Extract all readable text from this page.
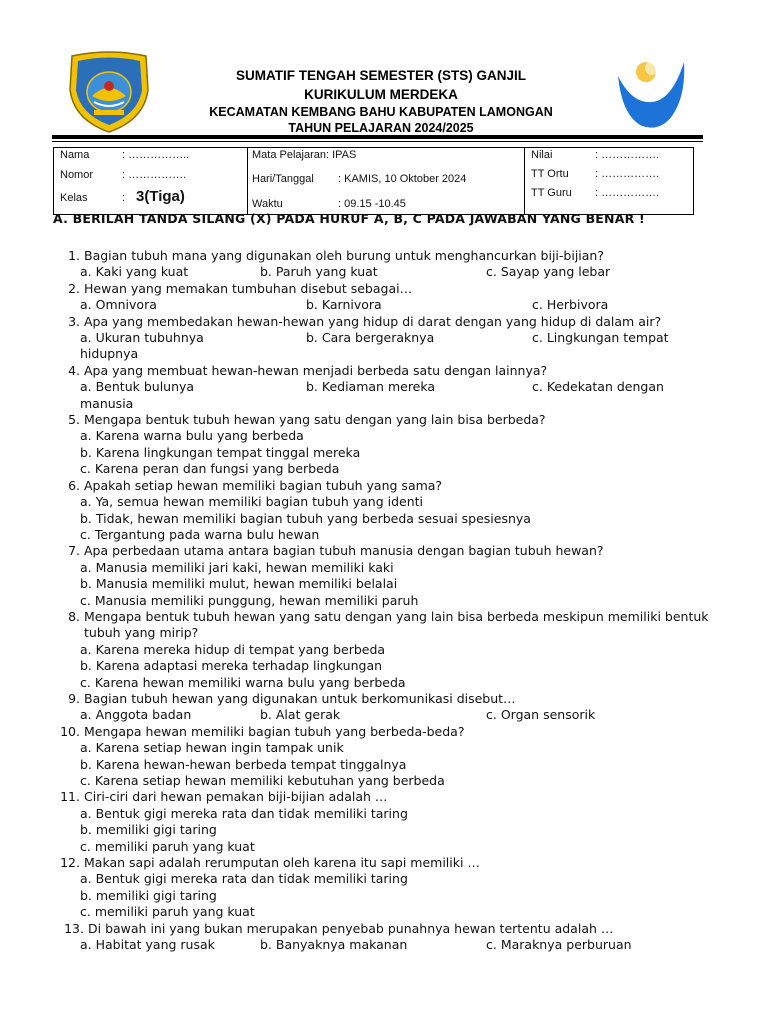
SUMATIF TENGAH SEMESTER (STS) GANJIL
KURIKULUM MERDEKA
KECAMATAN KEMBANG BAHU KABUPATEN LAMONGAN
TAHUN PELAJARAN 2024/2025
Nama	: ……………..
Nomor	: …………….
Kelas	: 3(Tiga)

Mata Pelajaran: IPAS
Hari/Tanggal : KAMIS, 10 Oktober 2024
Waktu	: 09.15 -10.45

Nilai	: …………….
TT Ortu : …………….
TT Guru : …………….
A. BERILAH TANDA SILANG (X) PADA HURUF A, B, C PADA JAWABAN YANG BENAR !
1. Bagian tubuh mana yang digunakan oleh burung untuk menghancurkan biji-bijian?
a. Kaki yang kuat	b. Paruh yang kuat	c. Sayap yang lebar
2. Hewan yang memakan tumbuhan disebut sebagai…
a. Omnivora	b. Karnivora	c. Herbivora
3. Apa yang membedakan hewan-hewan yang hidup di darat dengan yang hidup di dalam air?
a. Ukuran tubuhnya	b. Cara bergeraknya	c. Lingkungan tempat
hidupnya
4. Apa yang membuat hewan-hewan menjadi berbeda satu dengan lainnya?
a. Bentuk bulunya	b. Kediaman mereka	c. Kedekatan dengan
manusia
5. Mengapa bentuk tubuh hewan yang satu dengan yang lain bisa berbeda?
a. Karena warna bulu yang berbeda
b. Karena lingkungan tempat tinggal mereka
c. Karena peran dan fungsi yang berbeda
6. Apakah setiap hewan memiliki bagian tubuh yang sama?
a. Ya, semua hewan memiliki bagian tubuh yang identi
b. Tidak, hewan memiliki bagian tubuh yang berbeda sesuai spesiesnya
c. Tergantung pada warna bulu hewan
7. Apa perbedaan utama antara bagian tubuh manusia dengan bagian tubuh hewan?
a. Manusia memiliki jari kaki, hewan memiliki kaki
b. Manusia memiliki mulut, hewan memiliki belalai
c. Manusia memiliki punggung, hewan memiliki paruh
8. Mengapa bentuk tubuh hewan yang satu dengan yang lain bisa berbeda meskipun memiliki bentuk tubuh yang mirip?
a. Karena mereka hidup di tempat yang berbeda
b. Karena adaptasi mereka terhadap lingkungan
c. Karena hewan memiliki warna bulu yang berbeda
9. Bagian tubuh hewan yang digunakan untuk berkomunikasi disebut…
a. Anggota badan	b. Alat gerak	c. Organ sensorik
10. Mengapa hewan memiliki bagian tubuh yang berbeda-beda?
a. Karena setiap hewan ingin tampak unik
b. Karena hewan-hewan berbeda tempat tinggalnya
c. Karena setiap hewan memiliki kebutuhan yang berbeda
11. Ciri-ciri dari hewan pemakan biji-bijian adalah …
a. Bentuk gigi mereka rata dan tidak memiliki taring
b. memiliki gigi taring
c. memiliki paruh yang kuat
12. Makan sapi adalah rerumputan oleh karena itu sapi memiliki …
a. Bentuk gigi mereka rata dan tidak memiliki taring
b. memiliki gigi taring
c. memiliki paruh yang kuat
13. Di bawah ini yang bukan merupakan penyebab punahnya hewan tertentu adalah …
a. Habitat yang rusak	b. Banyaknya makanan	c. Maraknya perburuan
